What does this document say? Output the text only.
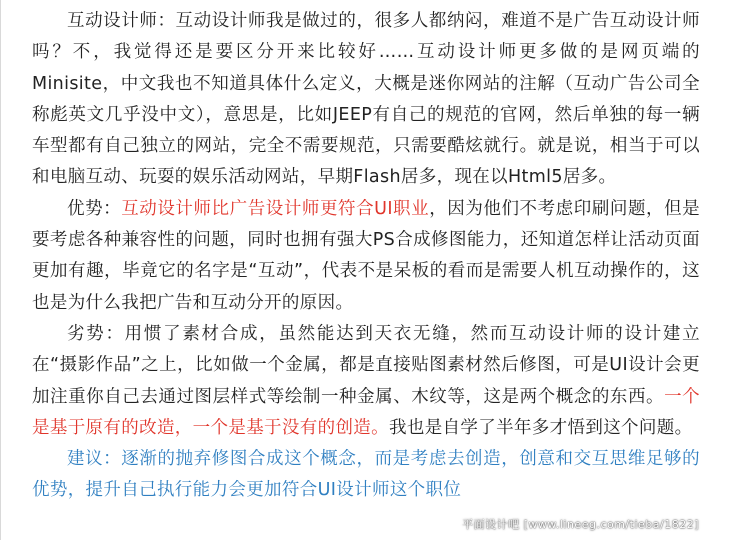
互动设计师：互动设计师我是做过的，很多人都纳闷，难道不是广告互动设计师吗？不，我觉得还是要区分开来比较好……互动设计师更多做的是网页端的Minisite，中文我也不知道具体什么定义，大概是迷你网站的注解（互动广告公司全称彪英文几乎没中文），意思是，比如JEEP有自己的规范的官网，然后单独的每一辆车型都有自己独立的网站，完全不需要规范，只需要酷炫就行。就是说，相当于可以和电脑互动、玩耍的娱乐活动网站，早期Flash居多，现在以Html5居多。

优势：互动设计师比广告设计师更符合UI职业，因为他们不考虑印刷问题，但是要考虑各种兼容性的问题，同时也拥有强大PS合成修图能力，还知道怎样让活动页面更加有趣，毕竟它的名字是“互动”，代表不是呆板的看而是需要人机互动操作的，这也是为什么我把广告和互动分开的原因。

劣势：用惯了素材合成，虽然能达到天衣无缝，然而互动设计师的设计建立在“摄影作品”之上，比如做一个金属，都是直接贴图素材然后修图，可是UI设计会更加注重你自己去通过图层样式等绘制一种金属、木纹等，这是两个概念的东西。一个是基于原有的改造，一个是基于没有的创造。我也是自学了半年多才悟到这个问题。

建议：逐渐的抛弃修图合成这个概念，而是考虑去创造，创意和交互思维足够的优势，提升自己执行能力会更加符合UI设计师这个职位

平面设计吧 [www.lineeg.com/tieba/1822]
